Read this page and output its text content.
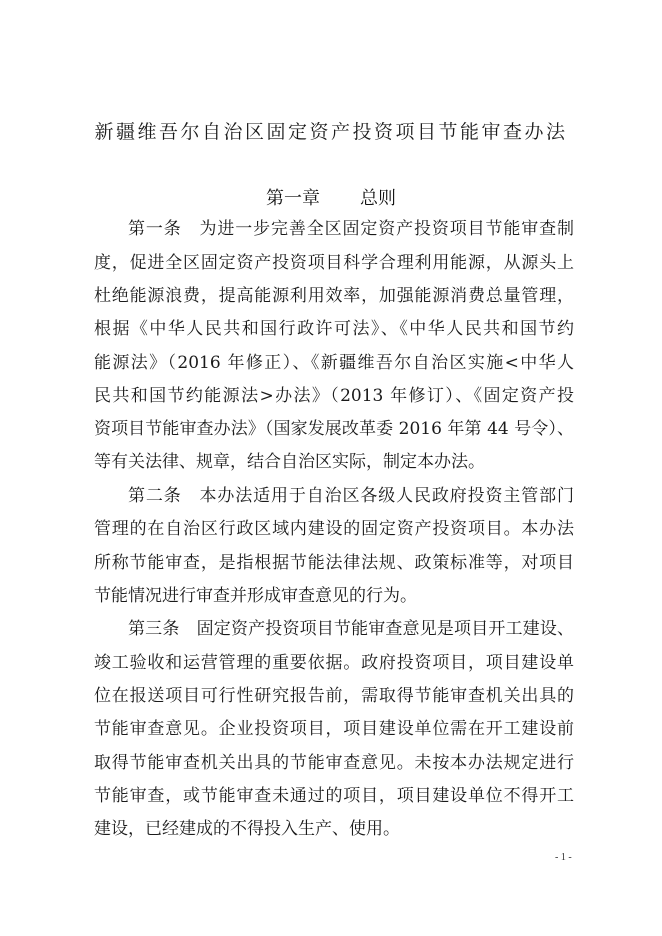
新疆维吾尔自治区固定资产投资项目节能审查办法
第一章 总则
第一条　为进一步完善全区固定资产投资项目节能审查制
度，促进全区固定资产投资项目科学合理利用能源，从源头上
杜绝能源浪费，提高能源利用效率，加强能源消费总量管理，
根据《中华人民共和国行政许可法》、《中华人民共和国节约
能源法》（2016 年修正）、《新疆维吾尔自治区实施<中华人
民共和国节约能源法>办法》（2013 年修订）、《固定资产投
资项目节能审查办法》（国家发展改革委 2016 年第 44 号令）、
等有关法律、规章，结合自治区实际，制定本办法。
第二条　本办法适用于自治区各级人民政府投资主管部门
管理的在自治区行政区域内建设的固定资产投资项目。本办法
所称节能审查，是指根据节能法律法规、政策标准等，对项目
节能情况进行审查并形成审查意见的行为。
第三条　固定资产投资项目节能审查意见是项目开工建设、
竣工验收和运营管理的重要依据。政府投资项目，项目建设单
位在报送项目可行性研究报告前，需取得节能审查机关出具的
节能审查意见。企业投资项目，项目建设单位需在开工建设前
取得节能审查机关出具的节能审查意见。未按本办法规定进行
节能审查，或节能审查未通过的项目，项目建设单位不得开工
建设，已经建成的不得投入生产、使用。
- 1 -
